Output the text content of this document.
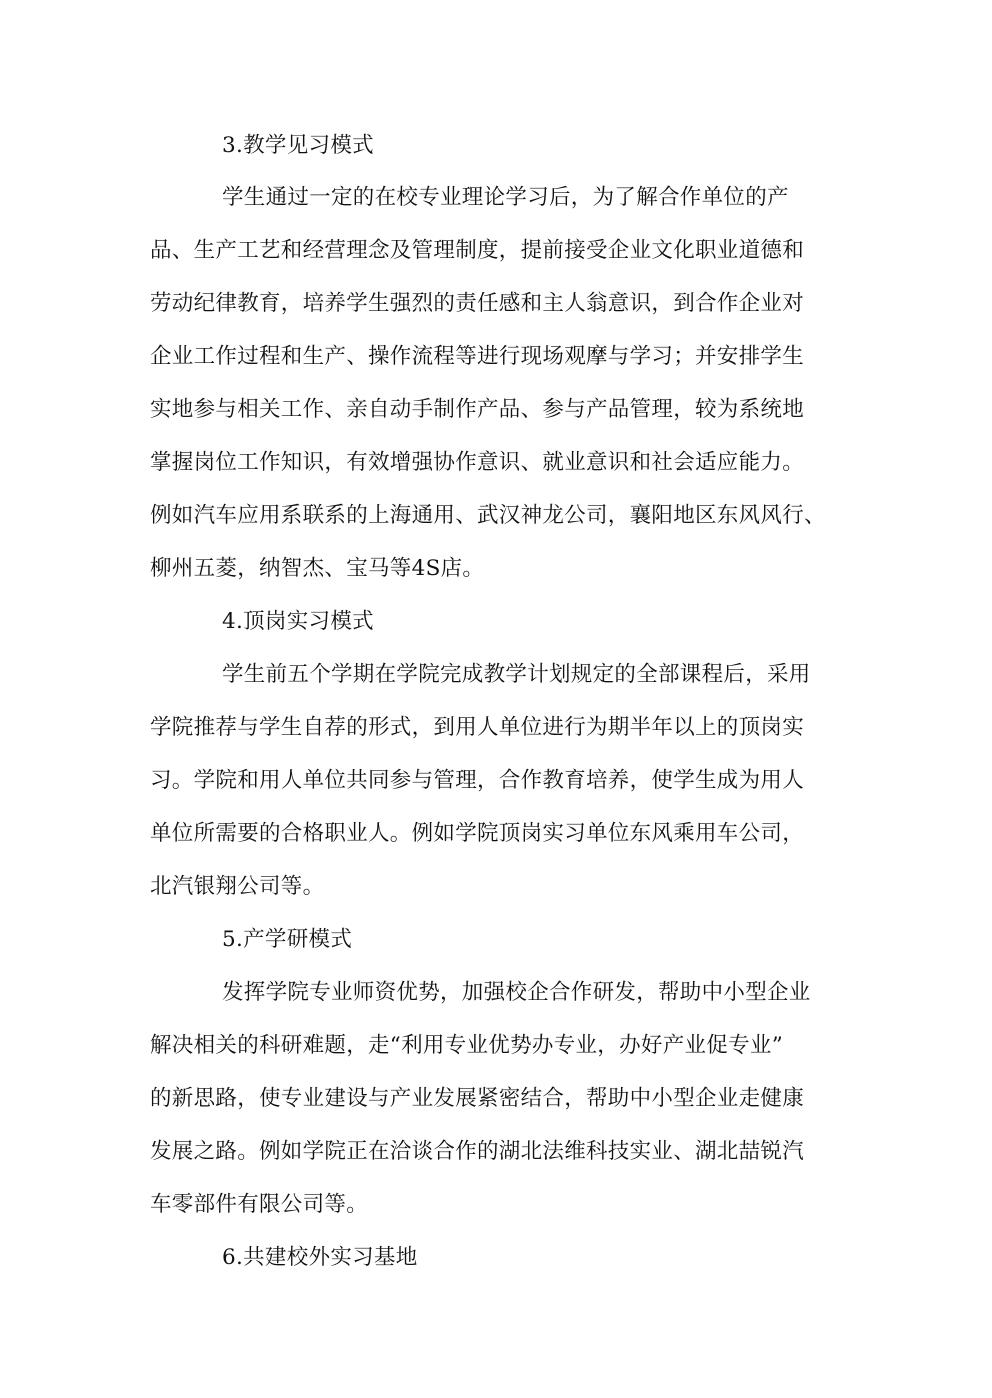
3.教学见习模式
学生通过一定的在校专业理论学习后，为了解合作单位的产
品、生产工艺和经营理念及管理制度，提前接受企业文化职业道德和
劳动纪律教育，培养学生强烈的责任感和主人翁意识，到合作企业对
企业工作过程和生产、操作流程等进行现场观摩与学习；并安排学生
实地参与相关工作、亲自动手制作产品、参与产品管理，较为系统地
掌握岗位工作知识，有效增强协作意识、就业意识和社会适应能力。
例如汽车应用系联系的上海通用、武汉神龙公司，襄阳地区东风风行、
柳州五菱，纳智杰、宝马等4S店。
4.顶岗实习模式
学生前五个学期在学院完成教学计划规定的全部课程后，采用
学院推荐与学生自荐的形式，到用人单位进行为期半年以上的顶岗实
习。学院和用人单位共同参与管理，合作教育培养，使学生成为用人
单位所需要的合格职业人。例如学院顶岗实习单位东风乘用车公司，
北汽银翔公司等。
5.产学研模式
发挥学院专业师资优势，加强校企合作研发，帮助中小型企业
解决相关的科研难题，走“利用专业优势办专业，办好产业促专业”
的新思路，使专业建设与产业发展紧密结合，帮助中小型企业走健康
发展之路。例如学院正在洽谈合作的湖北法维科技实业、湖北喆锐汽
车零部件有限公司等。
6.共建校外实习基地
